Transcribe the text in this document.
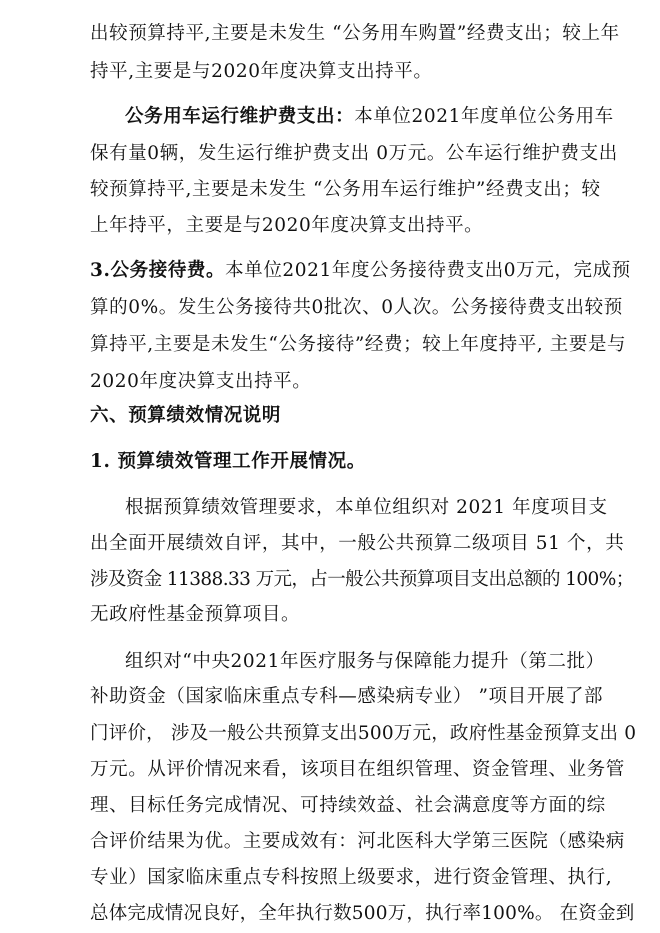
出较预算持平,主要是未发生 “公务用车购置”经费支出；较上年
持平,主要是与2020年度决算支出持平。
公务用车运行维护费支出：本单位2021年度单位公务用车
保有量0辆，发生运行维护费支出 0万元。公车运行维护费支出
较预算持平,主要是未发生 “公务用车运行维护”经费支出；较
上年持平，主要是与2020年度决算支出持平。
3.公务接待费。本单位2021年度公务接待费支出0万元，完成预
算的0%。发生公务接待共0批次、0人次。公务接待费支出较预
算持平,主要是未发生“公务接待”经费；较上年度持平, 主要是与
2020年度决算支出持平。
六、预算绩效情况说明
1. 预算绩效管理工作开展情况。
根据预算绩效管理要求，本单位组织对 2021 年度项目支
出全面开展绩效自评，其中，一般公共预算二级项目 51 个，共
涉及资金 11388.33 万元，占一般公共预算项目支出总额的 100%；
无政府性基金预算项目。
组织对“中央2021年医疗服务与保障能力提升（第二批）
补助资金（国家临床重点专科—感染病专业） ”项目开展了部
门评价， 涉及一般公共预算支出500万元，政府性基金预算支出 0
万元。从评价情况来看，该项目在组织管理、资金管理、业务管
理、目标任务完成情况、可持续效益、社会满意度等方面的综
合评价结果为优。主要成效有：河北医科大学第三医院（感染病
专业）国家临床重点专科按照上级要求，进行资金管理、执行,
总体完成情况良好，全年执行数500万，执行率100%。 在资金到
